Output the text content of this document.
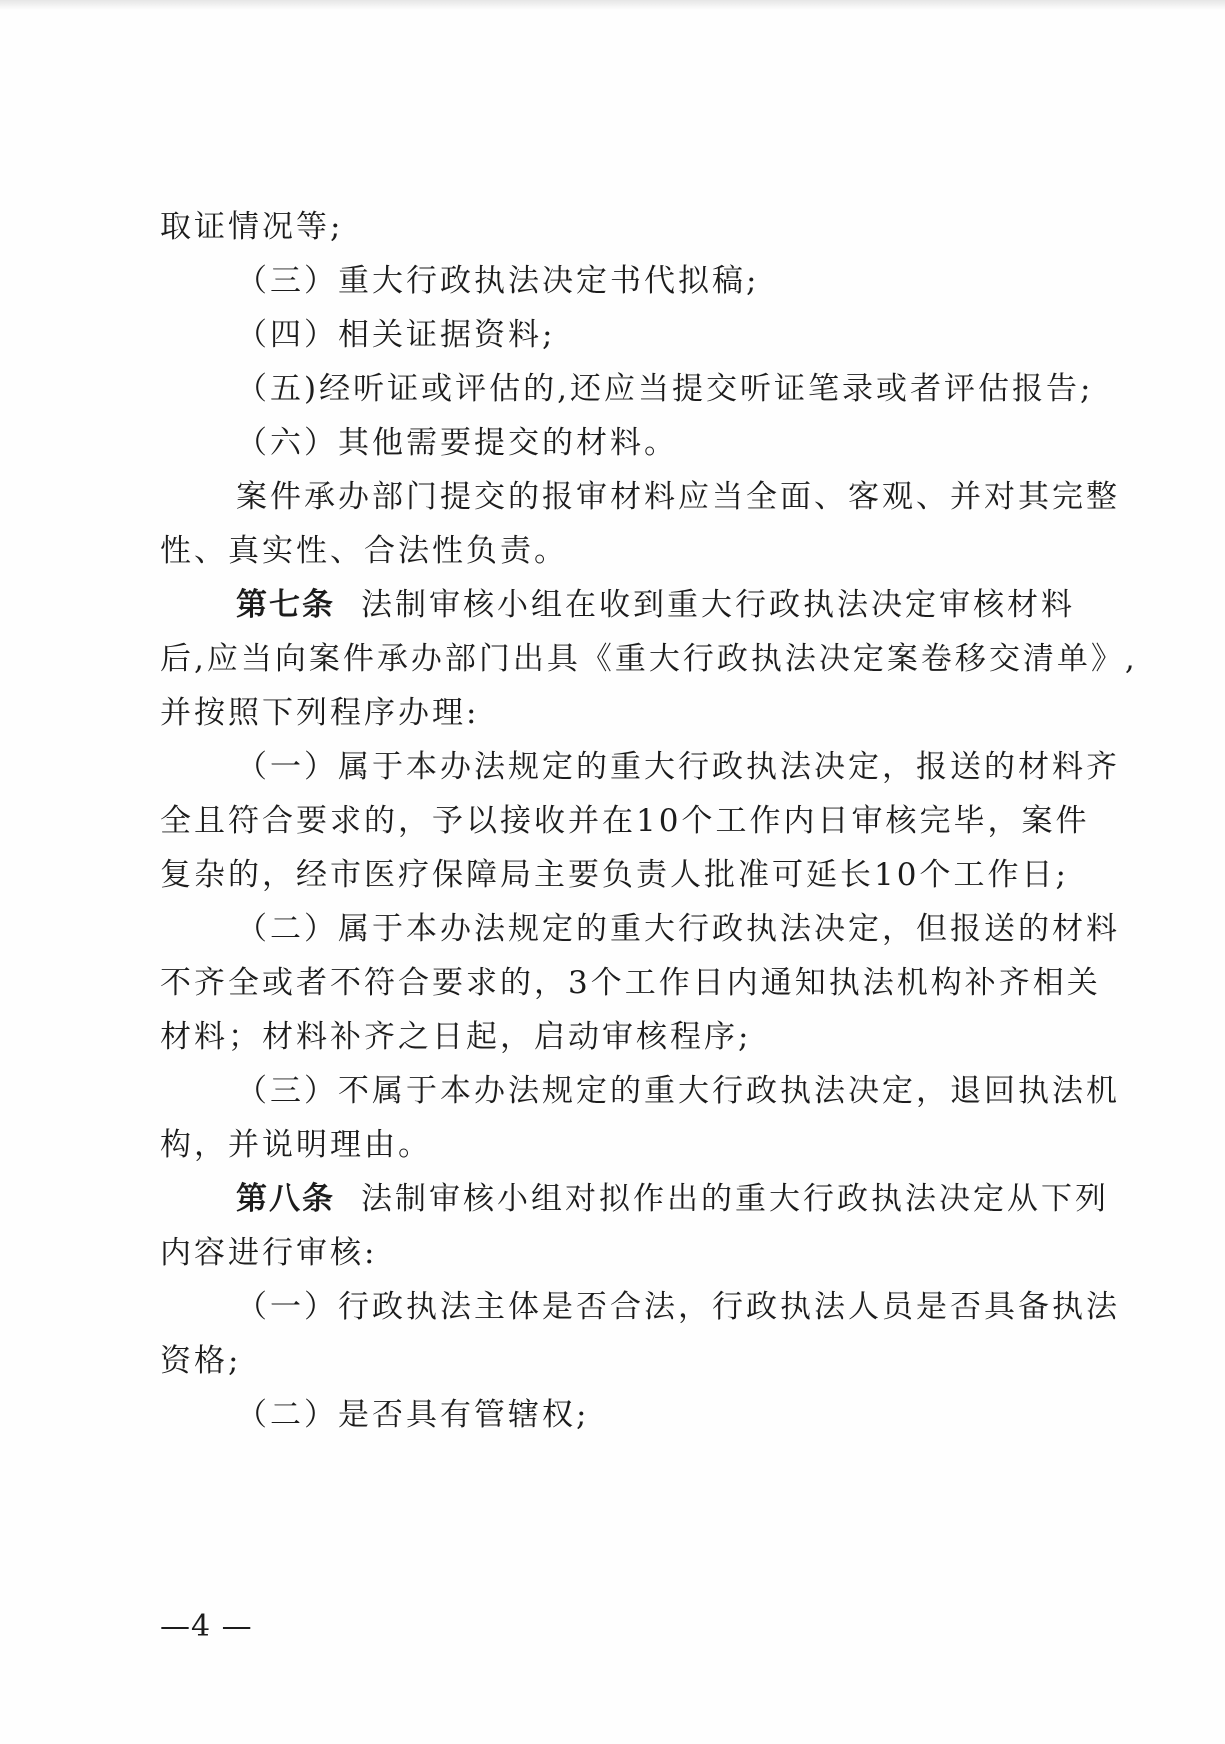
取证情况等;
（三）重大行政执法决定书代拟稿;
（四）相关证据资料;
（五)经听证或评估的,还应当提交听证笔录或者评估报告;
（六）其他需要提交的材料。
案件承办部门提交的报审材料应当全面、客观、并对其完整
性、真实性、合法性负责。
第七条 法制审核小组在收到重大行政执法决定审核材料
后,应当向案件承办部门出具《重大行政执法决定案卷移交清单》,
并按照下列程序办理:
（一）属于本办法规定的重大行政执法决定，报送的材料齐
全且符合要求的，予以接收并在10个工作内日审核完毕，案件
复杂的，经市医疗保障局主要负责人批准可延长10个工作日;
（二）属于本办法规定的重大行政执法决定，但报送的材料
不齐全或者不符合要求的，3个工作日内通知执法机构补齐相关
材料；材料补齐之日起，启动审核程序;
（三）不属于本办法规定的重大行政执法决定，退回执法机
构，并说明理由。
第八条 法制审核小组对拟作出的重大行政执法决定从下列
内容进行审核:
（一）行政执法主体是否合法，行政执法人员是否具备执法
资格;
（二）是否具有管辖权;
—4 —
